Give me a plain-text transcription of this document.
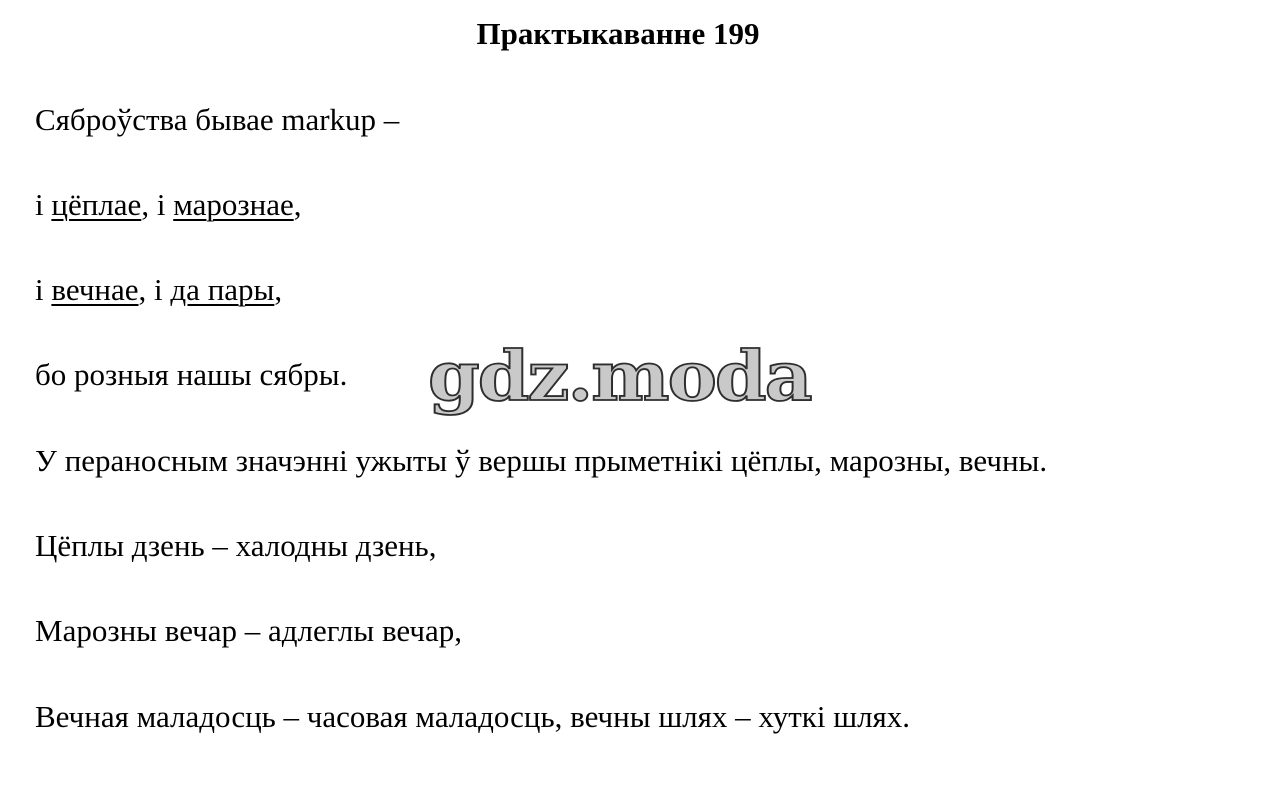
Практыкаванне 199

Сяброўства бывае markup –

і цёплае, і марознае,

і вечнае, і да пары,

бо розныя нашы сябры.

У пераносным значэнні ужыты ў вершы прыметнікі цёплы, марозны, вечны.

Цёплы дзень – халодны дзень,

Марозны вечар – адлеглы вечар,

Вечная маладосць – часовая маладосць, вечны шлях – хуткі шлях.

gdz.moda
